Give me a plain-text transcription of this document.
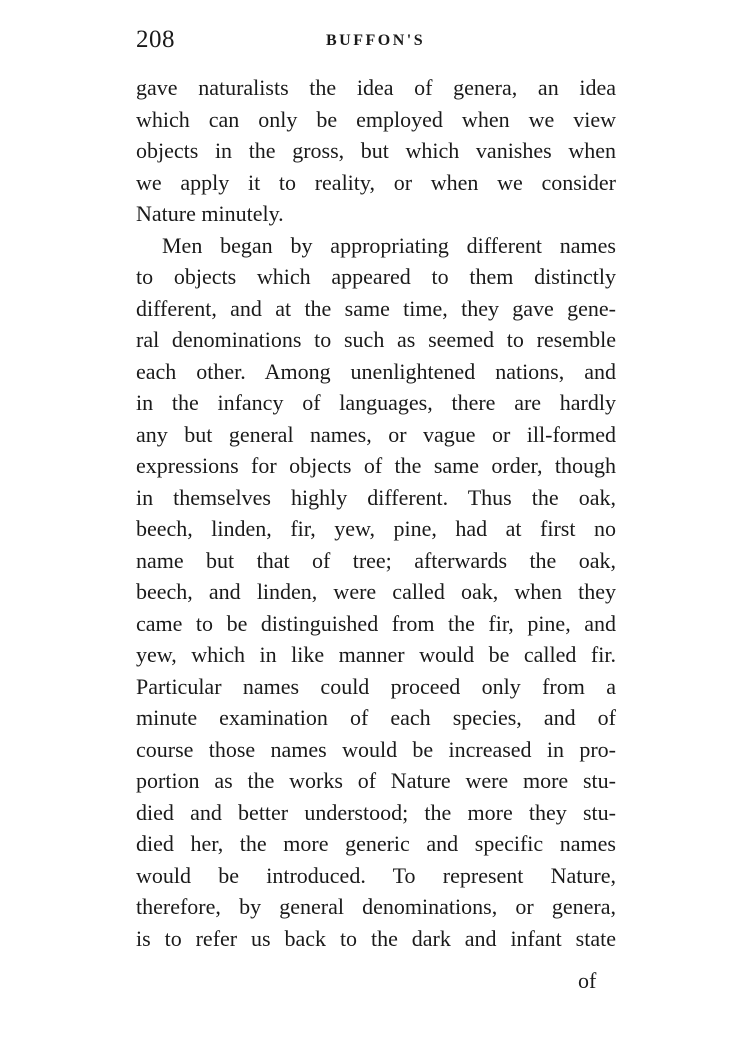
208	BUFFON'S
gave naturalists the idea of genera, an idea
which can only be employed when we view
objects in the gross, but which vanishes when
we apply it to reality, or when we consider
Nature minutely.
Men began by appropriating different names
to objects which appeared to them distinctly
different, and at the same time, they gave gene-
ral denominations to such as seemed to resemble
each other. Among unenlightened nations, and
in the infancy of languages, there are hardly
any but general names, or vague or ill-formed
expressions for objects of the same order, though
in themselves highly different. Thus the oak,
beech, linden, fir, yew, pine, had at first no
name but that of tree; afterwards the oak,
beech, and linden, were called oak, when they
came to be distinguished from the fir, pine, and
yew, which in like manner would be called fir.
Particular names could proceed only from a
minute examination of each species, and of
course those names would be increased in pro-
portion as the works of Nature were more stu-
died and better understood; the more they stu-
died her, the more generic and specific names
would be introduced. To represent Nature,
therefore, by general denominations, or genera,
is to refer us back to the dark and infant state
of
